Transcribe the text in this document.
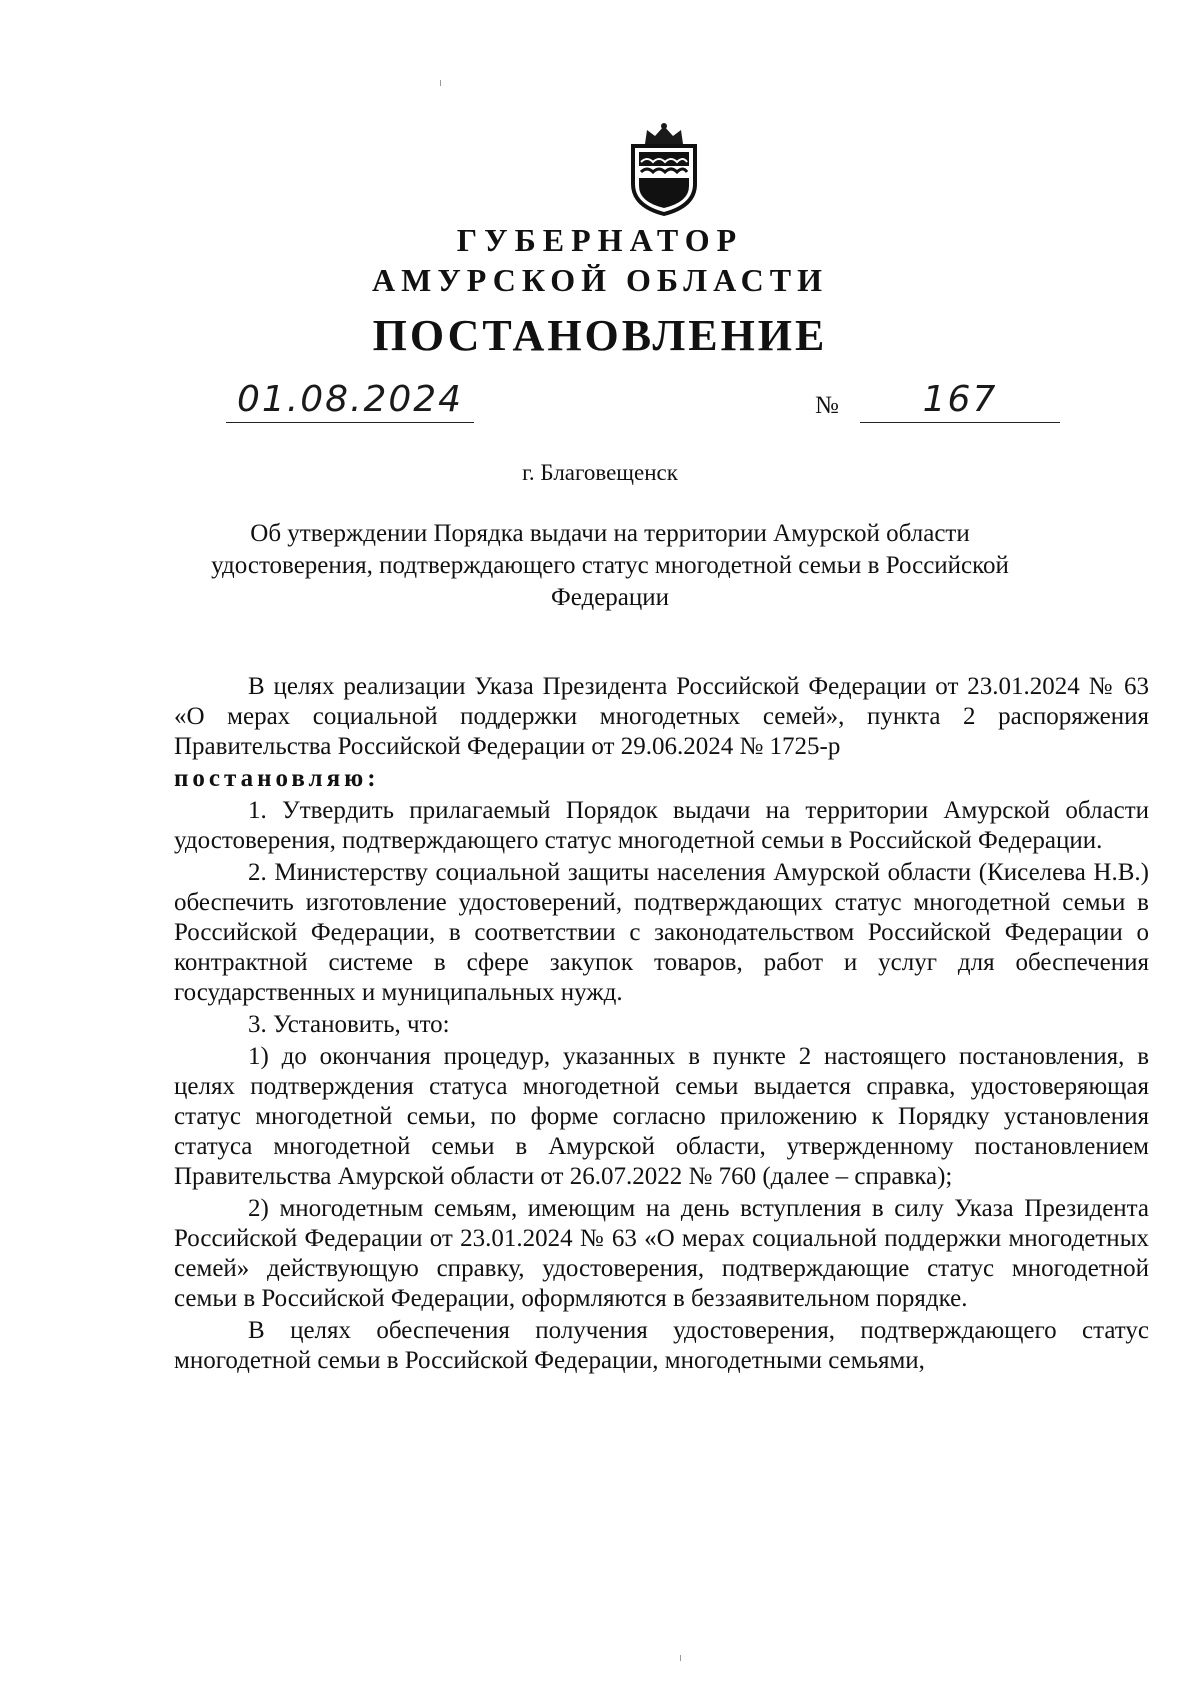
ГУБЕРНАТОР
АМУРСКОЙ ОБЛАСТИ
ПОСТАНОВЛЕНИЕ
01.08.2024	№	167
г. Благовещенск
Об утверждении Порядка выдачи на территории Амурской области удостоверения, подтверждающего статус многодетной семьи в Российской Федерации

В целях реализации Указа Президента Российской Федерации от 23.01.2024 № 63 «О мерах социальной поддержки многодетных семей», пункта 2 распоряжения Правительства Российской Федерации от 29.06.2024 № 1725-р

постановляю:

1. Утвердить прилагаемый Порядок выдачи на территории Амурской области удостоверения, подтверждающего статус многодетной семьи в Российской Федерации.

2. Министерству социальной защиты населения Амурской области (Киселева Н.В.) обеспечить изготовление удостоверений, подтверждающих статус многодетной семьи в Российской Федерации, в соответствии с законодательством Российской Федерации о контрактной системе в сфере закупок товаров, работ и услуг для обеспечения государственных и муниципальных нужд.

3. Установить, что:

1) до окончания процедур, указанных в пункте 2 настоящего постановления, в целях подтверждения статуса многодетной семьи выдается справка, удостоверяющая статус многодетной семьи, по форме согласно приложению к Порядку установления статуса многодетной семьи в Амурской области, утвержденному постановлением Правительства Амурской области от 26.07.2022 № 760 (далее – справка);

2) многодетным семьям, имеющим на день вступления в силу Указа Президента Российской Федерации от 23.01.2024 № 63 «О мерах социальной поддержки многодетных семей» действующую справку, удостоверения, подтверждающие статус многодетной семьи в Российской Федерации, оформляются в беззаявительном порядке.

В целях обеспечения получения удостоверения, подтверждающего статус многодетной семьи в Российской Федерации, многодетными семьями,
